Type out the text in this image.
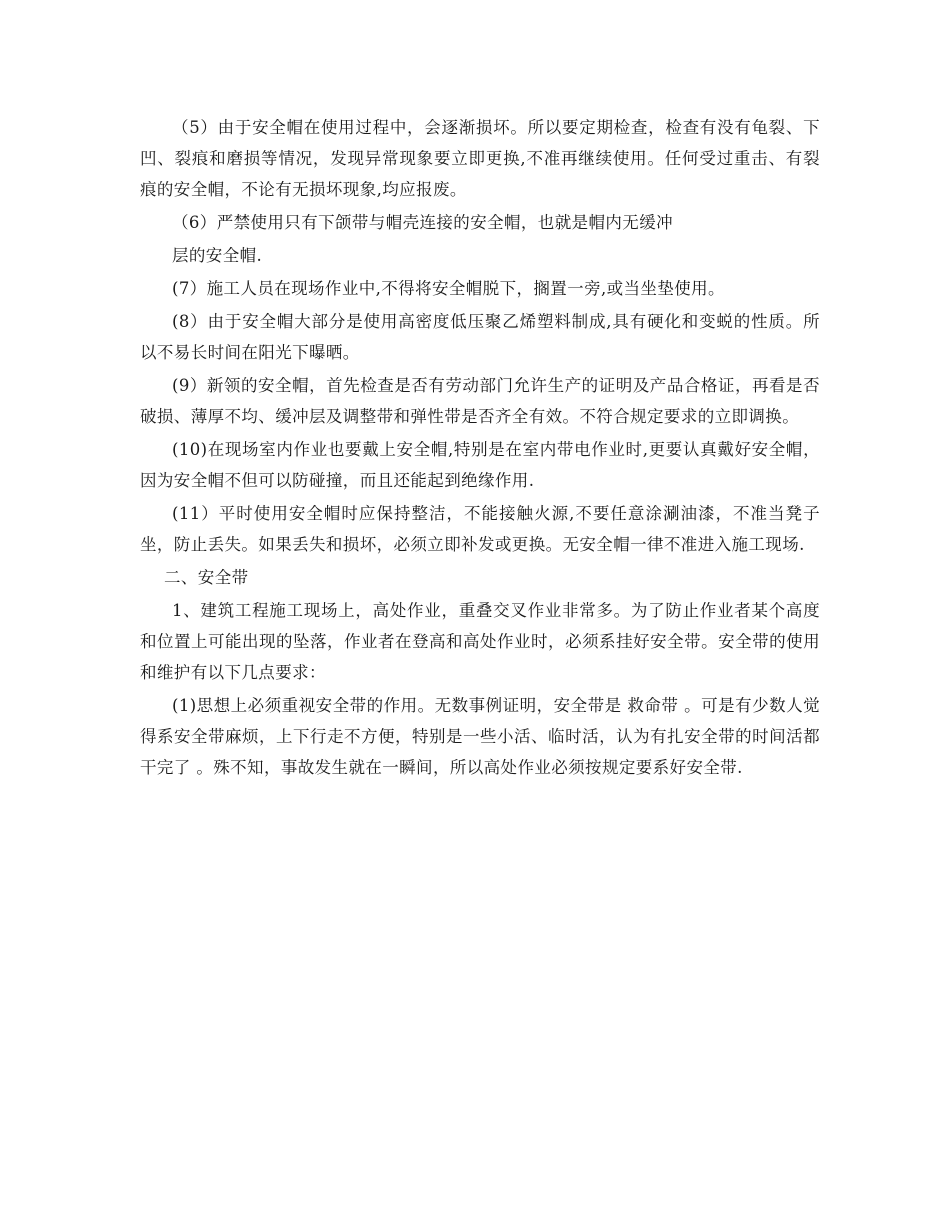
（5）由于安全帽在使用过程中，会逐渐损坏。所以要定期检查，检查有没有龟裂、下凹、裂痕和磨损等情况，发现异常现象要立即更换,不准再继续使用。任何受过重击、有裂痕的安全帽，不论有无损坏现象,均应报废。

（6）严禁使用只有下颌带与帽壳连接的安全帽，也就是帽内无缓冲

层的安全帽.

(7）施工人员在现场作业中,不得将安全帽脱下，搁置一旁,或当坐垫使用。

(8）由于安全帽大部分是使用高密度低压聚乙烯塑料制成,具有硬化和变蜕的性质。所以不易长时间在阳光下曝晒。

(9）新领的安全帽，首先检查是否有劳动部门允许生产的证明及产品合格证，再看是否破损、薄厚不均、缓冲层及调整带和弹性带是否齐全有效。不符合规定要求的立即调换。

(10)在现场室内作业也要戴上安全帽,特别是在室内带电作业时,更要认真戴好安全帽，因为安全帽不但可以防碰撞，而且还能起到绝缘作用.

(11）平时使用安全帽时应保持整洁，不能接触火源,不要任意涂涮油漆，不准当凳子坐，防止丢失。如果丢失和损坏，必须立即补发或更换。无安全帽一律不准进入施工现场.

二、安全带

1、建筑工程施工现场上，高处作业，重叠交叉作业非常多。为了防止作业者某个高度和位置上可能出现的坠落，作业者在登高和高处作业时，必须系挂好安全带。安全带的使用和维护有以下几点要求：

(1)思想上必须重视安全带的作用。无数事例证明，安全带是 救命带 。可是有少数人觉得系安全带麻烦，上下行走不方便，特别是一些小活、临时活，认为有扎安全带的时间活都干完了 。殊不知，事故发生就在一瞬间，所以高处作业必须按规定要系好安全带.
